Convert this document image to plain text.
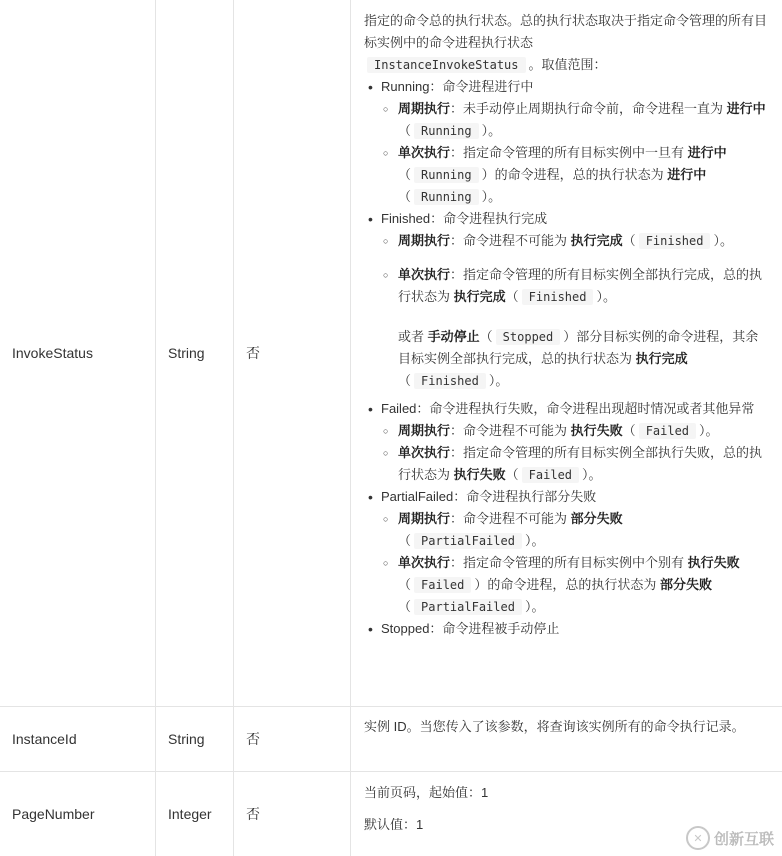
InvokeStatus	String	否
指定的命令总的执行状态。总的执行状态取决于指定命令管理的所有目标实例中的命令进程执行状态
InstanceInvokeStatus 。取值范围：
• Running：命令进程进行中
○ 周期执行：未手动停止周期执行命令前，命令进程一直为 进行中（ Running ）。
○ 单次执行：指定命令管理的所有目标实例中一旦有 进行中
（ Running ）的命令进程，总的执行状态为 进行中
（ Running ）。
• Finished：命令进程执行完成
○ 周期执行：命令进程不可能为 执行完成（ Finished ）。
○ 单次执行：指定命令管理的所有目标实例全部执行完成，总的执行状态为 执行完成（ Finished ）。
或者 手动停止（ Stopped ）部分目标实例的命令进程，其余目标实例全部执行完成，总的执行状态为 执行完成
（ Finished ）。
• Failed：命令进程执行失败，命令进程出现超时情况或者其他异常
○ 周期执行：命令进程不可能为 执行失败（ Failed ）。
○ 单次执行：指定命令管理的所有目标实例全部执行失败，总的执行状态为 执行失败（ Failed ）。
• PartialFailed：命令进程执行部分失败
○ 周期执行：命令进程不可能为 部分失败
（ PartialFailed ）。
○ 单次执行：指定命令管理的所有目标实例中个别有 执行失败
（ Failed ）的命令进程，总的执行状态为 部分失败
（ PartialFailed ）。
• Stopped：命令进程被手动停止
InstanceId	String	否
实例 ID。当您传入了该参数，将查询该实例所有的命令执行记录。
PageNumber	Integer	否
当前页码，起始值：1
默认值：1
✕ 创新互联
